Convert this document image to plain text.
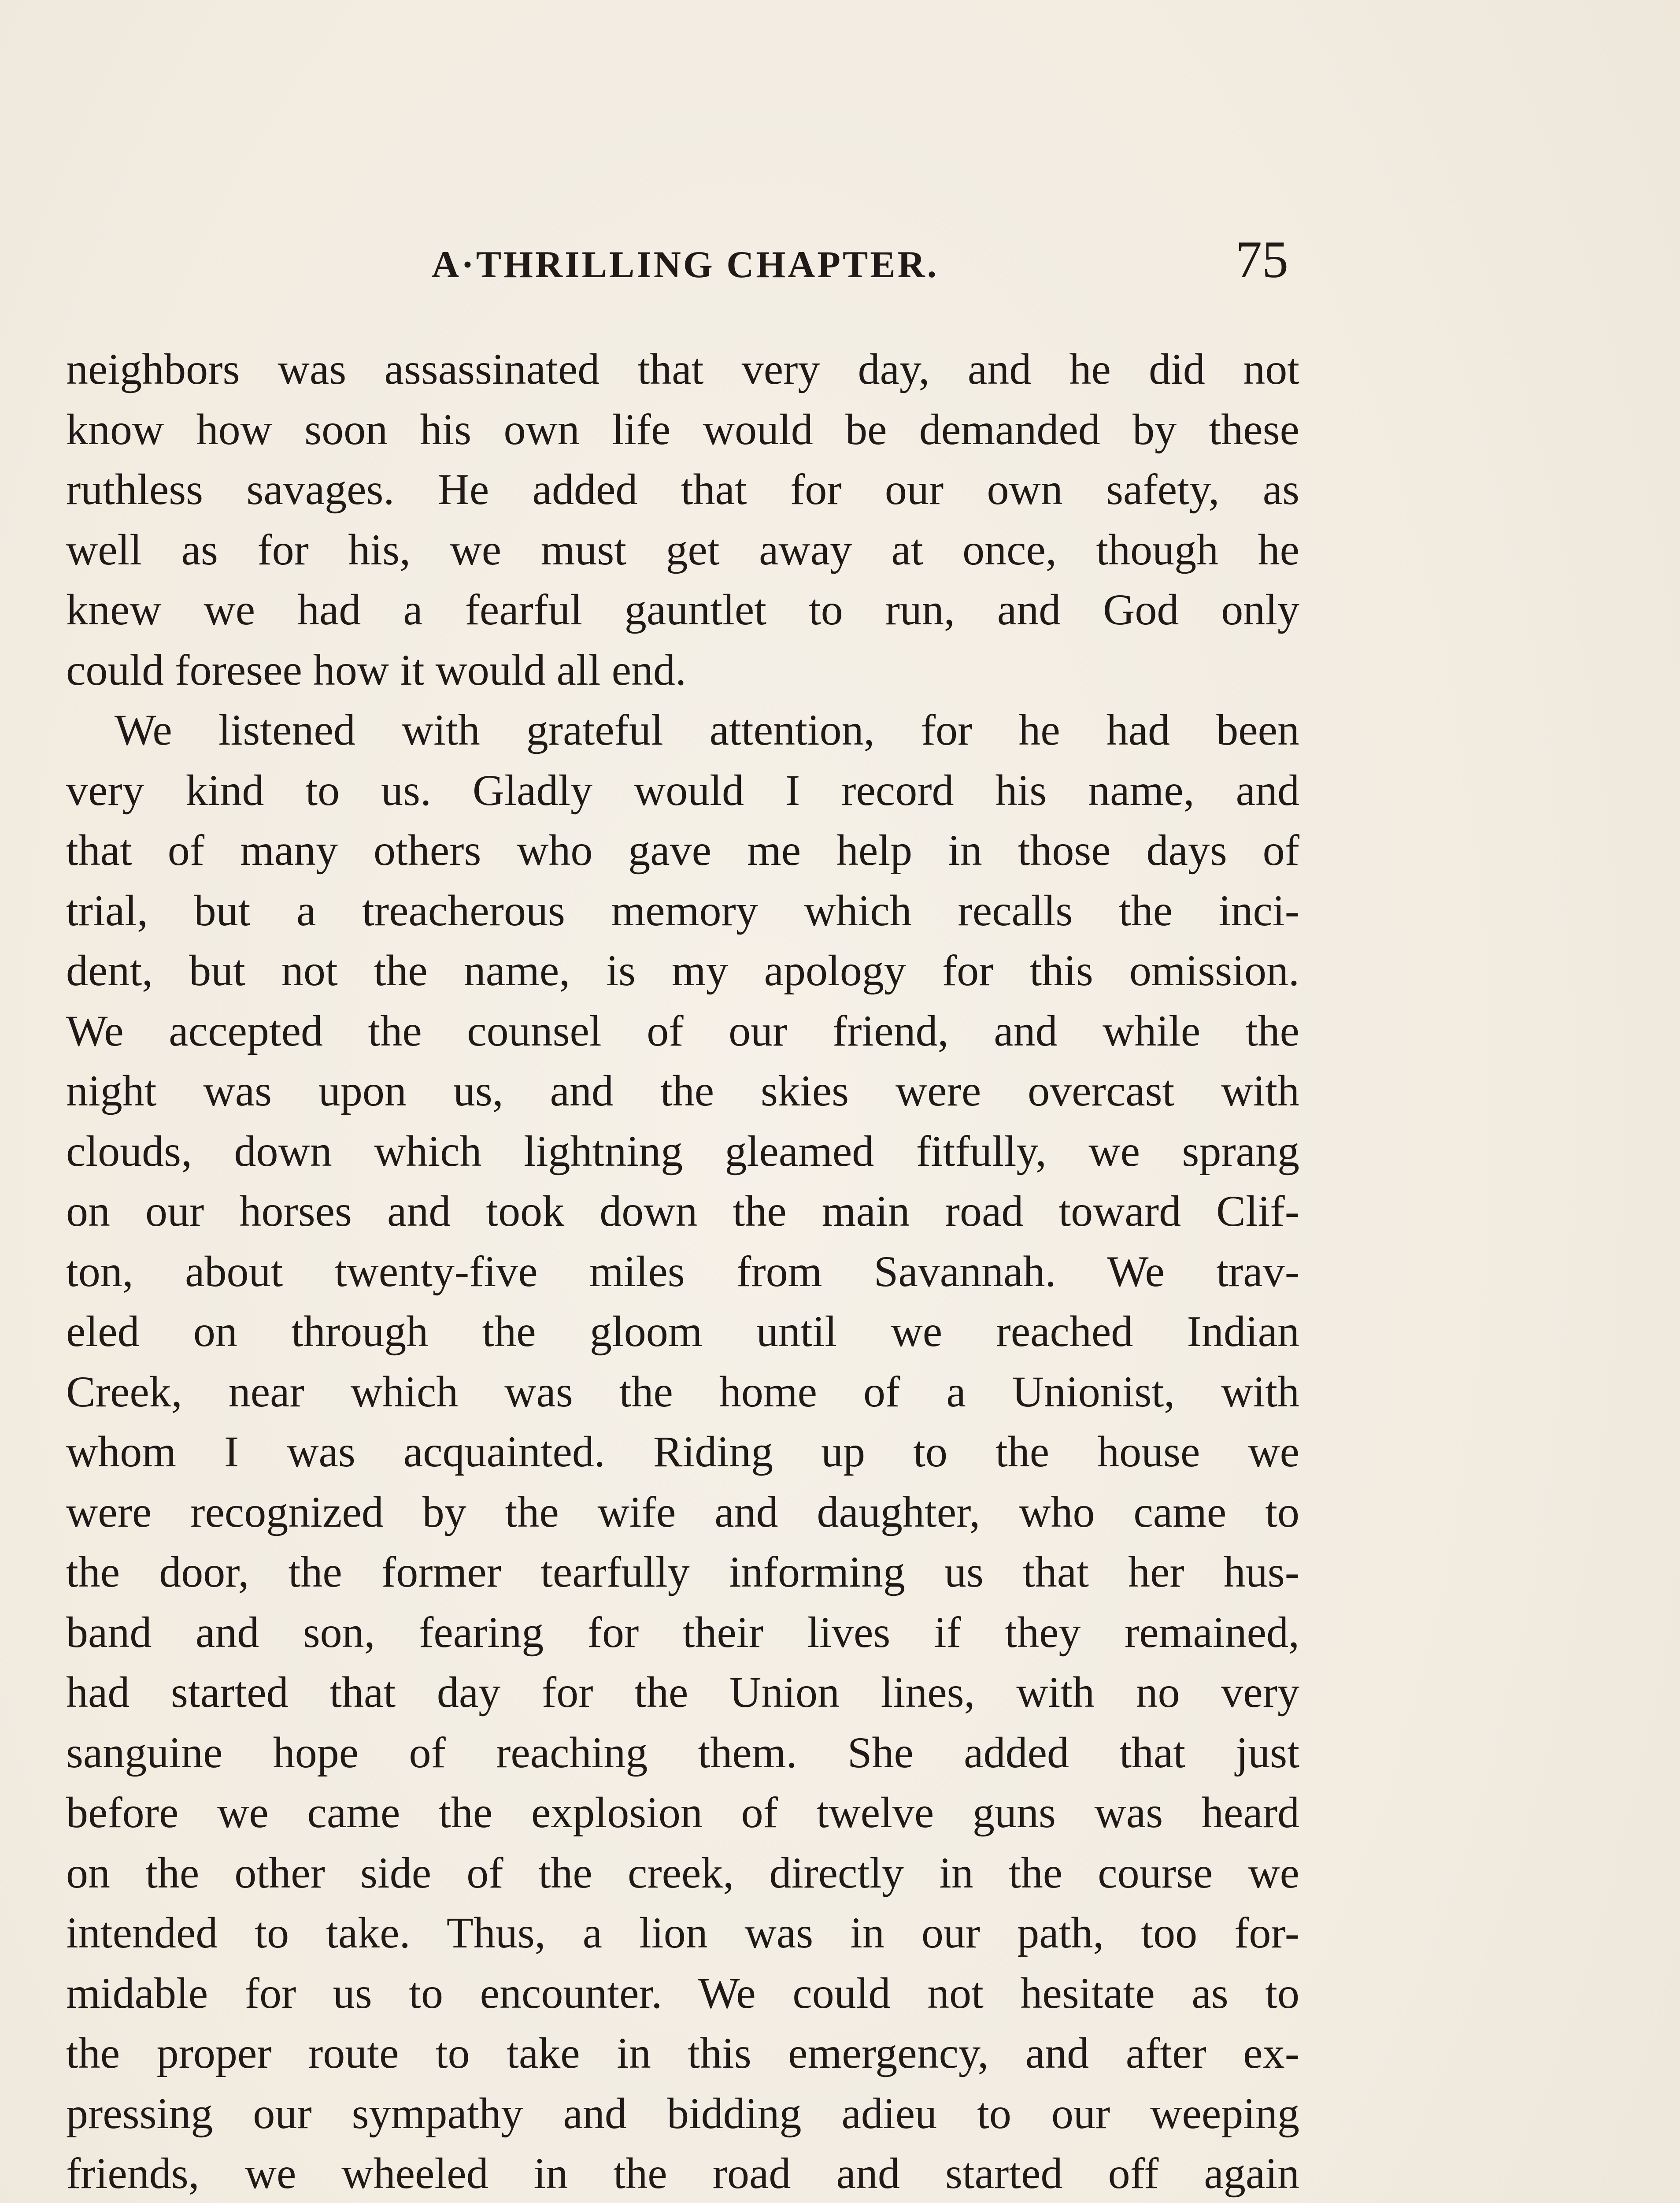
A·THRILLING CHAPTER.	75
neighbors was assassinated that very day, and he did not
know how soon his own life would be demanded by these
ruthless savages. He added that for our own safety, as
well as for his, we must get away at once, though he
knew we had a fearful gauntlet to run, and God only
could foresee how it would all end.
We listened with grateful attention, for he had been
very kind to us. Gladly would I record his name, and
that of many others who gave me help in those days of
trial, but a treacherous memory which recalls the inci-
dent, but not the name, is my apology for this omission.
We accepted the counsel of our friend, and while the
night was upon us, and the skies were overcast with
clouds, down which lightning gleamed fitfully, we sprang
on our horses and took down the main road toward Clif-
ton, about twenty-five miles from Savannah. We trav-
eled on through the gloom until we reached Indian
Creek, near which was the home of a Unionist, with
whom I was acquainted. Riding up to the house we
were recognized by the wife and daughter, who came to
the door, the former tearfully informing us that her hus-
band and son, fearing for their lives if they remained,
had started that day for the Union lines, with no very
sanguine hope of reaching them. She added that just
before we came the explosion of twelve guns was heard
on the other side of the creek, directly in the course we
intended to take. Thus, a lion was in our path, too for-
midable for us to encounter. We could not hesitate as to
the proper route to take in this emergency, and after ex-
pressing our sympathy and bidding adieu to our weeping
friends, we wheeled in the road and started off again
